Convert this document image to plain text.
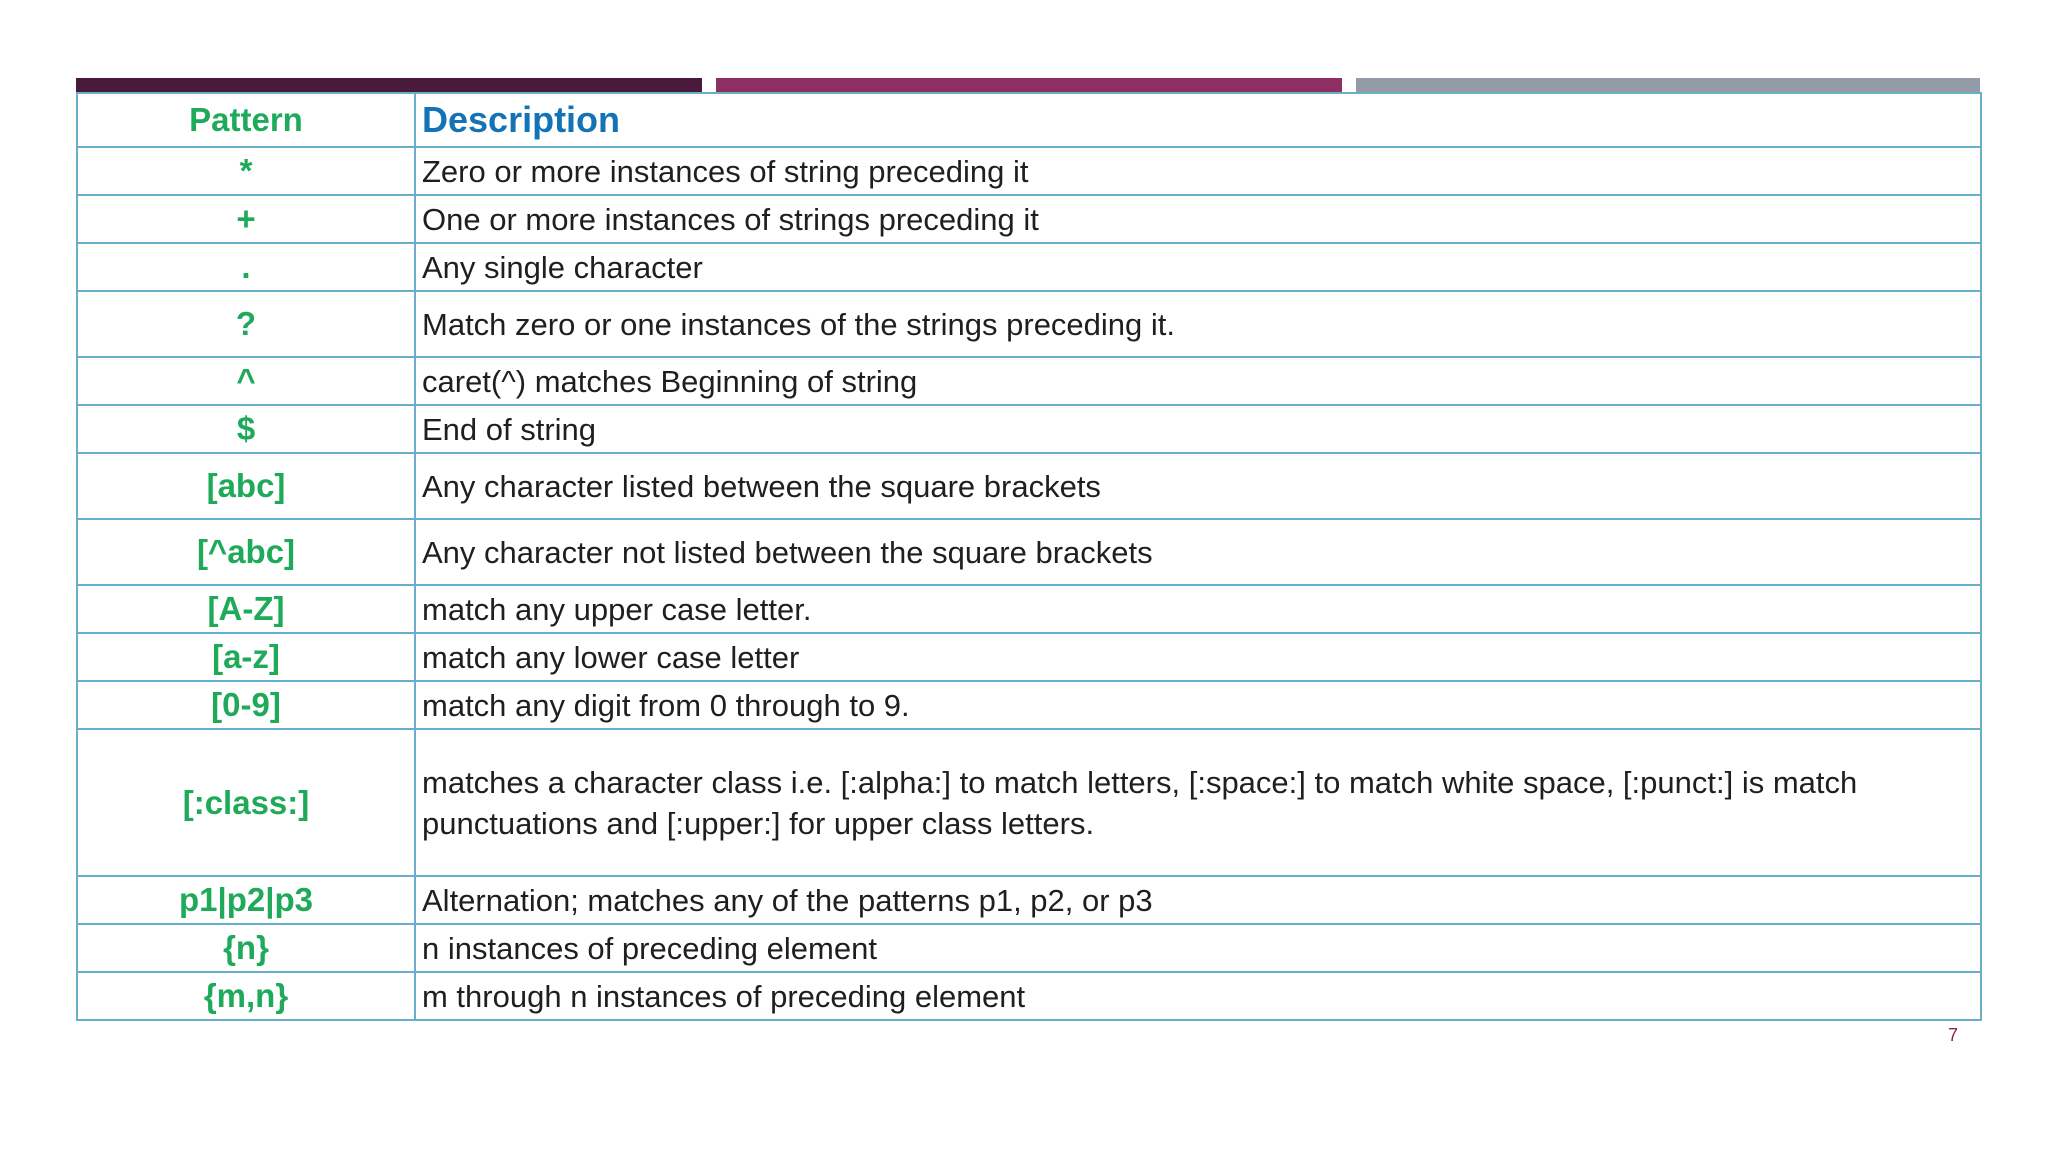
Pattern	Description
*	Zero or more instances of string preceding it
+	One or more instances of strings preceding it
.	Any single character
?	Match zero or one instances of the strings preceding it.
^	caret(^) matches Beginning of string
$	End of string
[abc]	Any character listed between the square brackets
[^abc]	Any character not listed between the square brackets
[A-Z]	match any upper case letter.
[a-z]	match any lower case letter
[0-9]	match any digit from 0 through to 9.
[:class:]	matches a character class i.e. [:alpha:] to match letters, [:space:] to match white space, [:punct:] is match punctuations and [:upper:] for upper class letters.
p1|p2|p3	Alternation; matches any of the patterns p1, p2, or p3
{n}	n instances of preceding element
{m,n}	m through n instances of preceding element
7
